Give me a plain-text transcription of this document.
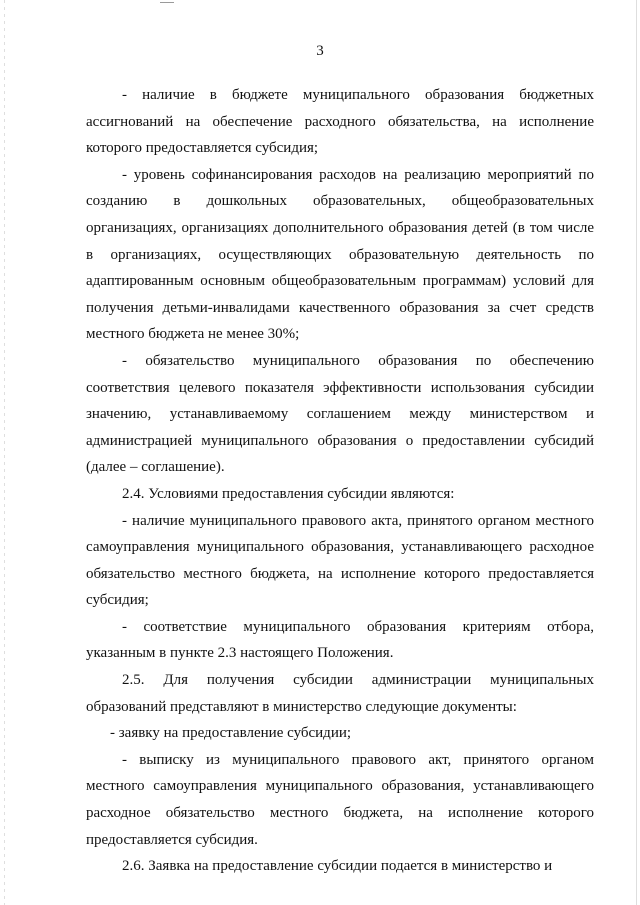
3

- наличие в бюджете муниципального образования бюджетных ассигнований на обеспечение расходного обязательства, на исполнение которого предоставляется субсидия;

- уровень софинансирования расходов на реализацию мероприятий по созданию в дошкольных образовательных, общеобразовательных организациях, организациях дополнительного образования детей (в том числе в организациях, осуществляющих образовательную деятельность по адаптированным основным общеобразовательным программам) условий для получения детьми-инвалидами качественного образования за счет средств местного бюджета не менее 30%;

- обязательство муниципального образования по обеспечению соответствия целевого показателя эффективности использования субсидии значению, устанавливаемому соглашением между министерством и администрацией муниципального образования о предоставлении субсидий (далее – соглашение).

2.4. Условиями предоставления субсидии являются:

- наличие муниципального правового акта, принятого органом местного самоуправления муниципального образования, устанавливающего расходное обязательство местного бюджета, на исполнение которого предоставляется субсидия;

- соответствие муниципального образования критериям отбора, указанным в пункте 2.3 настоящего Положения.

2.5. Для получения субсидии администрации муниципальных образований представляют в министерство следующие документы:

- заявку на предоставление субсидии;

- выписку из муниципального правового акт, принятого органом местного самоуправления муниципального образования, устанавливающего расходное обязательство местного бюджета, на исполнение которого предоставляется субсидия.

2.6. Заявка на предоставление субсидии подается в министерство и
